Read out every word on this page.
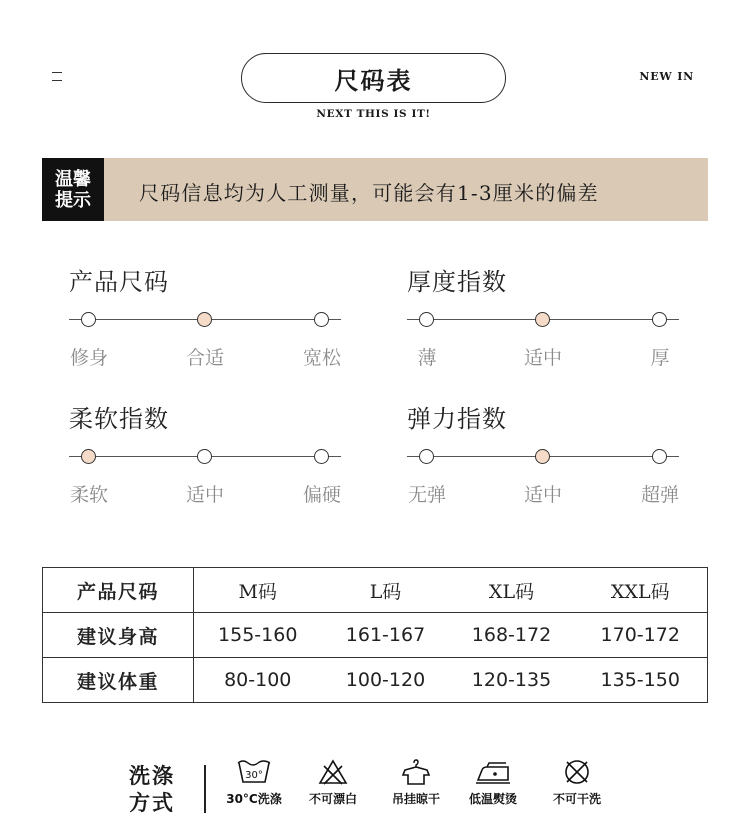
尺码表
NEXT THIS IS IT!
NEW IN
温馨
提示 尺码信息均为人工测量，可能会有1-3厘米的偏差
产品尺码
修身	合适	宽松
厚度指数
薄	适中	厚
柔软指数
柔软	适中	偏硬
弹力指数
无弹	适中	超弹
产品尺码	M码	L码	XL码	XXL码
建议身高	155-160	161-167	168-172	170-172
建议体重	80-100	100-120	120-135	135-150
洗涤
方式
30°
30°C洗涤	不可漂白	吊挂晾干	低温熨烫	不可干洗
